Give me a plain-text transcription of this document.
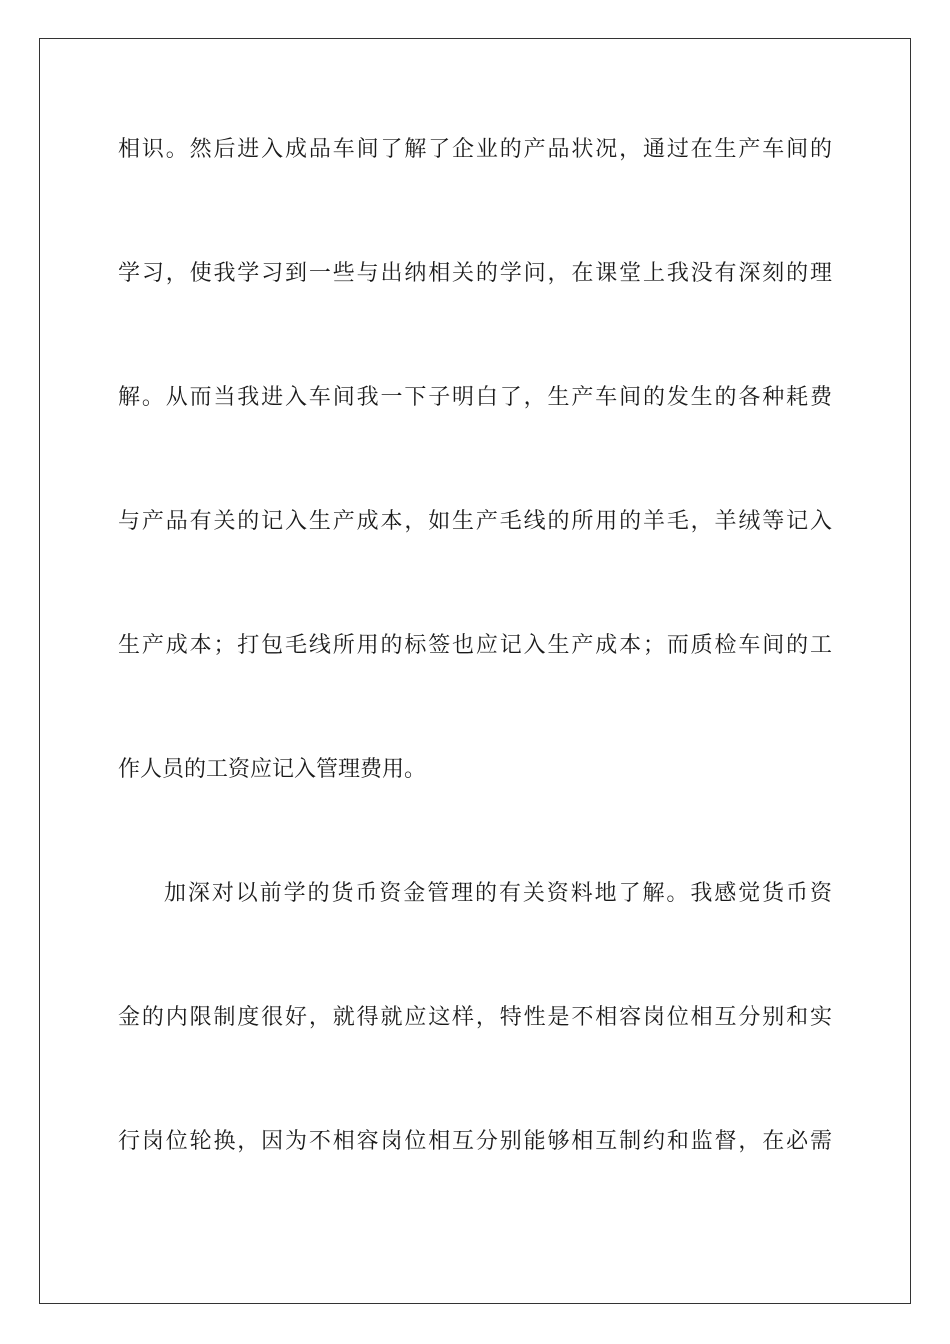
相识。然后进入成品车间了解了企业的产品状况，通过在生产车间的
学习，使我学习到一些与出纳相关的学问，在课堂上我没有深刻的理
解。从而当我进入车间我一下子明白了，生产车间的发生的各种耗费
与产品有关的记入生产成本，如生产毛线的所用的羊毛，羊绒等记入
生产成本；打包毛线所用的标签也应记入生产成本；而质检车间的工
作人员的工资应记入管理费用。
加深对以前学的货币资金管理的有关资料地了解。我感觉货币资
金的内限制度很好，就得就应这样，特性是不相容岗位相互分别和实
行岗位轮换，因为不相容岗位相互分别能够相互制约和监督，在必需
